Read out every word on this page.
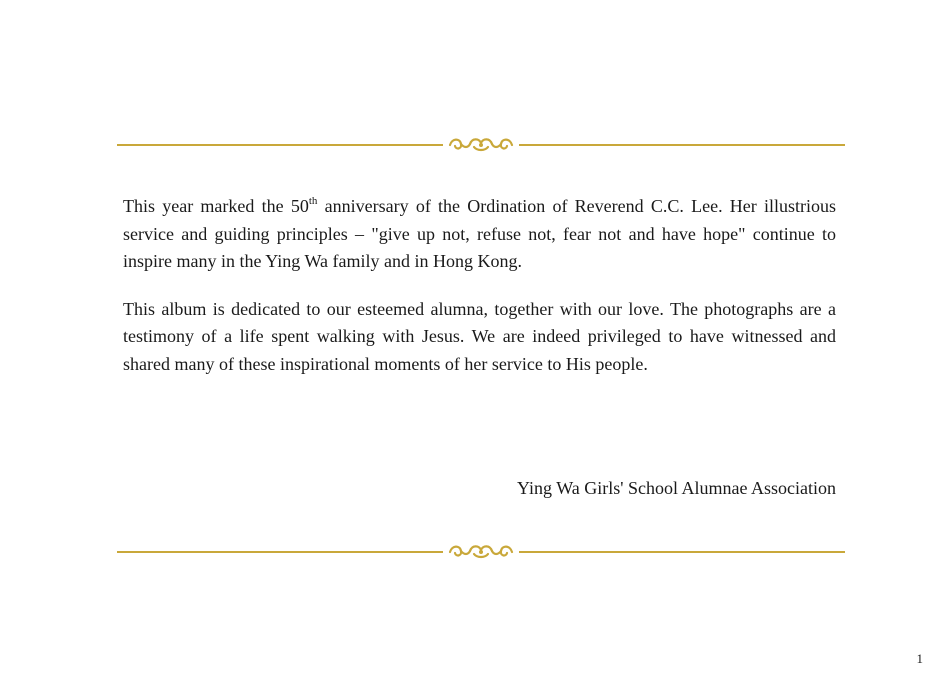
This year marked the 50th anniversary of the Ordination of Reverend C.C. Lee. Her illustrious service and guiding principles – "give up not, refuse not, fear not and have hope" continue to inspire many in the Ying Wa family and in Hong Kong.

This album is dedicated to our esteemed alumna, together with our love. The photographs are a testimony of a life spent walking with Jesus. We are indeed privileged to have witnessed and shared many of these inspirational moments of her service to His people.

Ying Wa Girls' School Alumnae Association
1
